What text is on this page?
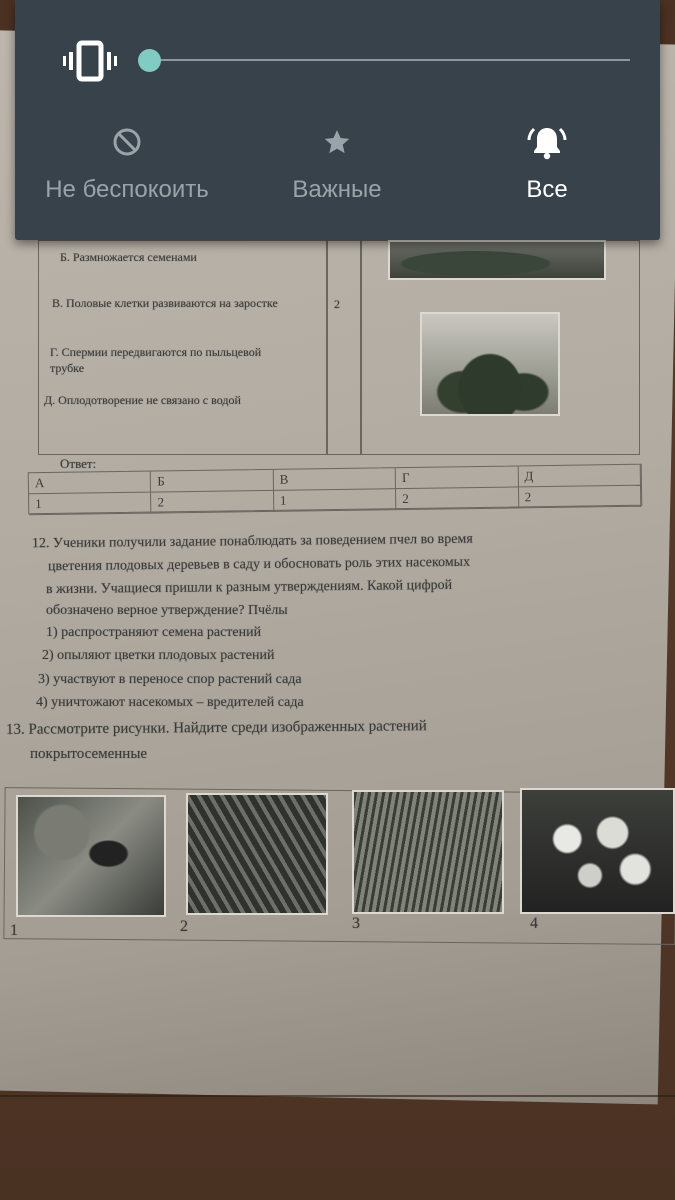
Б. Размножается семенами
В. Половые клетки развиваются на заростке
Г. Спермии передвигаются по пыльцевой трубке
Д. Оплодотворение не связано с водой
2
Ответ:
А	Б	В	Г	Д
1	2	1	2	2
12. Ученики получили задание понаблюдать за поведением пчел во время
цветения плодовых деревьев в саду и обосновать роль этих насекомых
в жизни. Учащиеся пришли к разным утверждениям. Какой цифрой
обозначено верное утверждение? Пчёлы
1) распространяют семена растений
2) опыляют цветки плодовых растений
3) участвуют в переносе спор растений сада
4) уничтожают насекомых – вредителей сада
13. Рассмотрите рисунки. Найдите среди изображенных растений
покрытосеменные
1	2	3	4
Не беспокоить	Важные	Все
